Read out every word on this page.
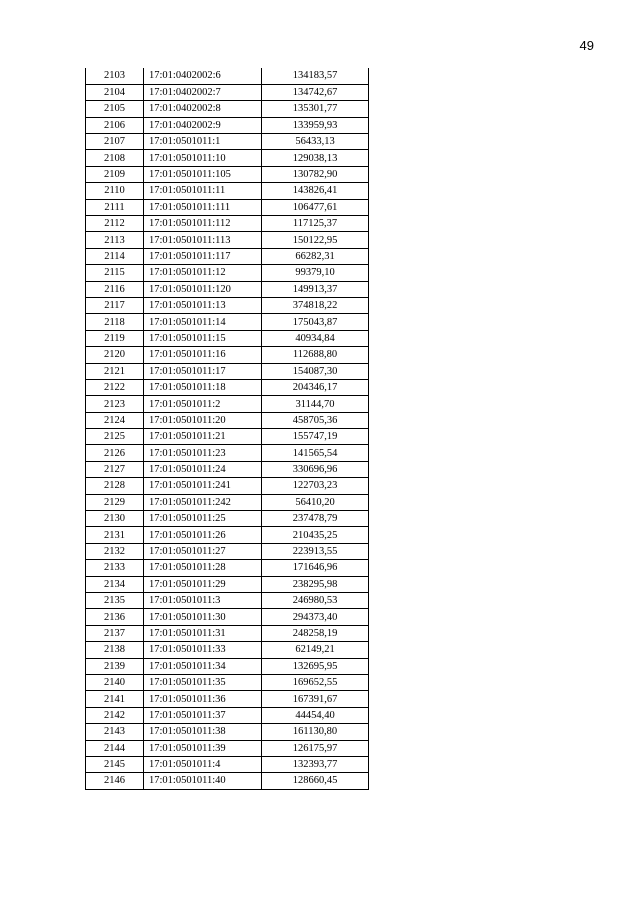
49
2103	17:01:0402002:6	134183,57
2104	17:01:0402002:7	134742,67
2105	17:01:0402002:8	135301,77
2106	17:01:0402002:9	133959,93
2107	17:01:0501011:1	56433,13
2108	17:01:0501011:10	129038,13
2109	17:01:0501011:105	130782,90
2110	17:01:0501011:11	143826,41
2111	17:01:0501011:111	106477,61
2112	17:01:0501011:112	117125,37
2113	17:01:0501011:113	150122,95
2114	17:01:0501011:117	66282,31
2115	17:01:0501011:12	99379,10
2116	17:01:0501011:120	149913,37
2117	17:01:0501011:13	374818,22
2118	17:01:0501011:14	175043,87
2119	17:01:0501011:15	40934,84
2120	17:01:0501011:16	112688,80
2121	17:01:0501011:17	154087,30
2122	17:01:0501011:18	204346,17
2123	17:01:0501011:2	31144,70
2124	17:01:0501011:20	458705,36
2125	17:01:0501011:21	155747,19
2126	17:01:0501011:23	141565,54
2127	17:01:0501011:24	330696,96
2128	17:01:0501011:241	122703,23
2129	17:01:0501011:242	56410,20
2130	17:01:0501011:25	237478,79
2131	17:01:0501011:26	210435,25
2132	17:01:0501011:27	223913,55
2133	17:01:0501011:28	171646,96
2134	17:01:0501011:29	238295,98
2135	17:01:0501011:3	246980,53
2136	17:01:0501011:30	294373,40
2137	17:01:0501011:31	248258,19
2138	17:01:0501011:33	62149,21
2139	17:01:0501011:34	132695,95
2140	17:01:0501011:35	169652,55
2141	17:01:0501011:36	167391,67
2142	17:01:0501011:37	44454,40
2143	17:01:0501011:38	161130,80
2144	17:01:0501011:39	126175,97
2145	17:01:0501011:4	132393,77
2146	17:01:0501011:40	128660,45
